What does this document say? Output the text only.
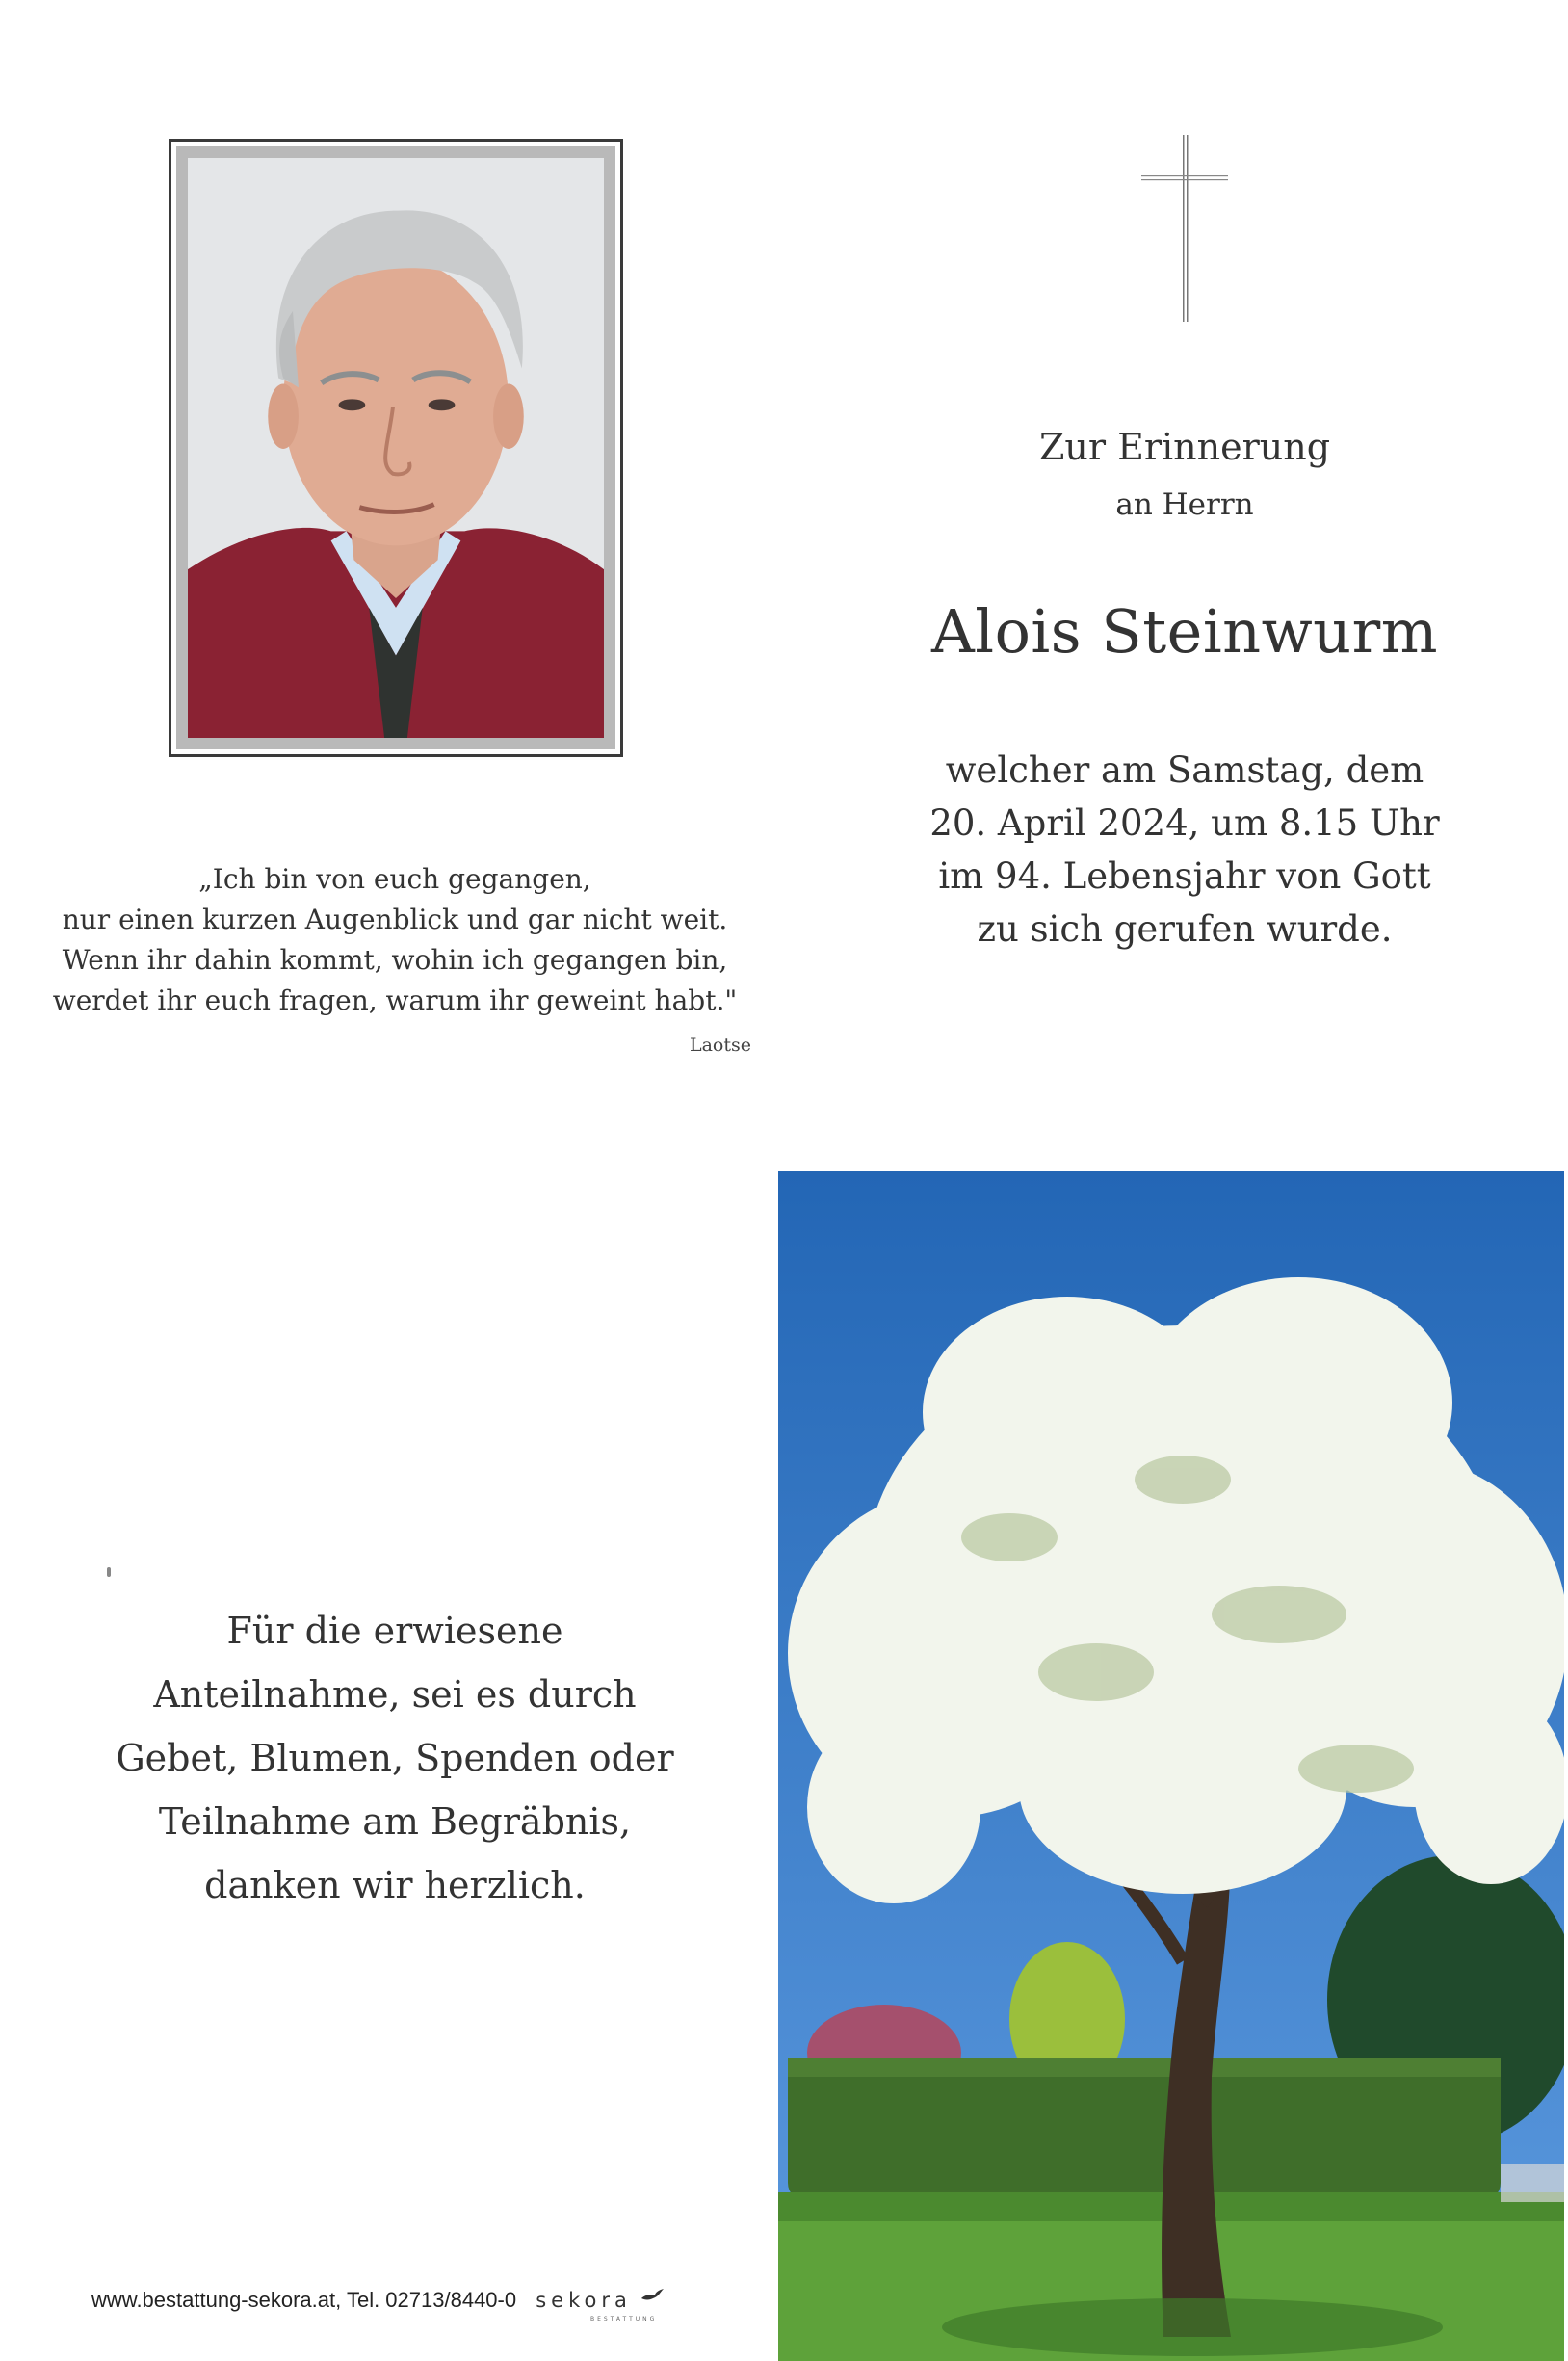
Zur Erinnerung
an Herrn
Alois Steinwurm
welcher am Samstag, dem
20. April 2024, um 8.15 Uhr
im 94. Lebensjahr von Gott
zu sich gerufen wurde.
„Ich bin von euch gegangen,
nur einen kurzen Augenblick und gar nicht weit.
Wenn ihr dahin kommt, wohin ich gegangen bin,
werdet ihr euch fragen, warum ihr geweint habt."
Laotse
Für die erwiesene
Anteilnahme, sei es durch
Gebet, Blumen, Spenden oder
Teilnahme am Begräbnis,
danken wir herzlich.
www.bestattung-sekora.at, Tel. 02713/8440-0 sekora
BESTATTUNG
